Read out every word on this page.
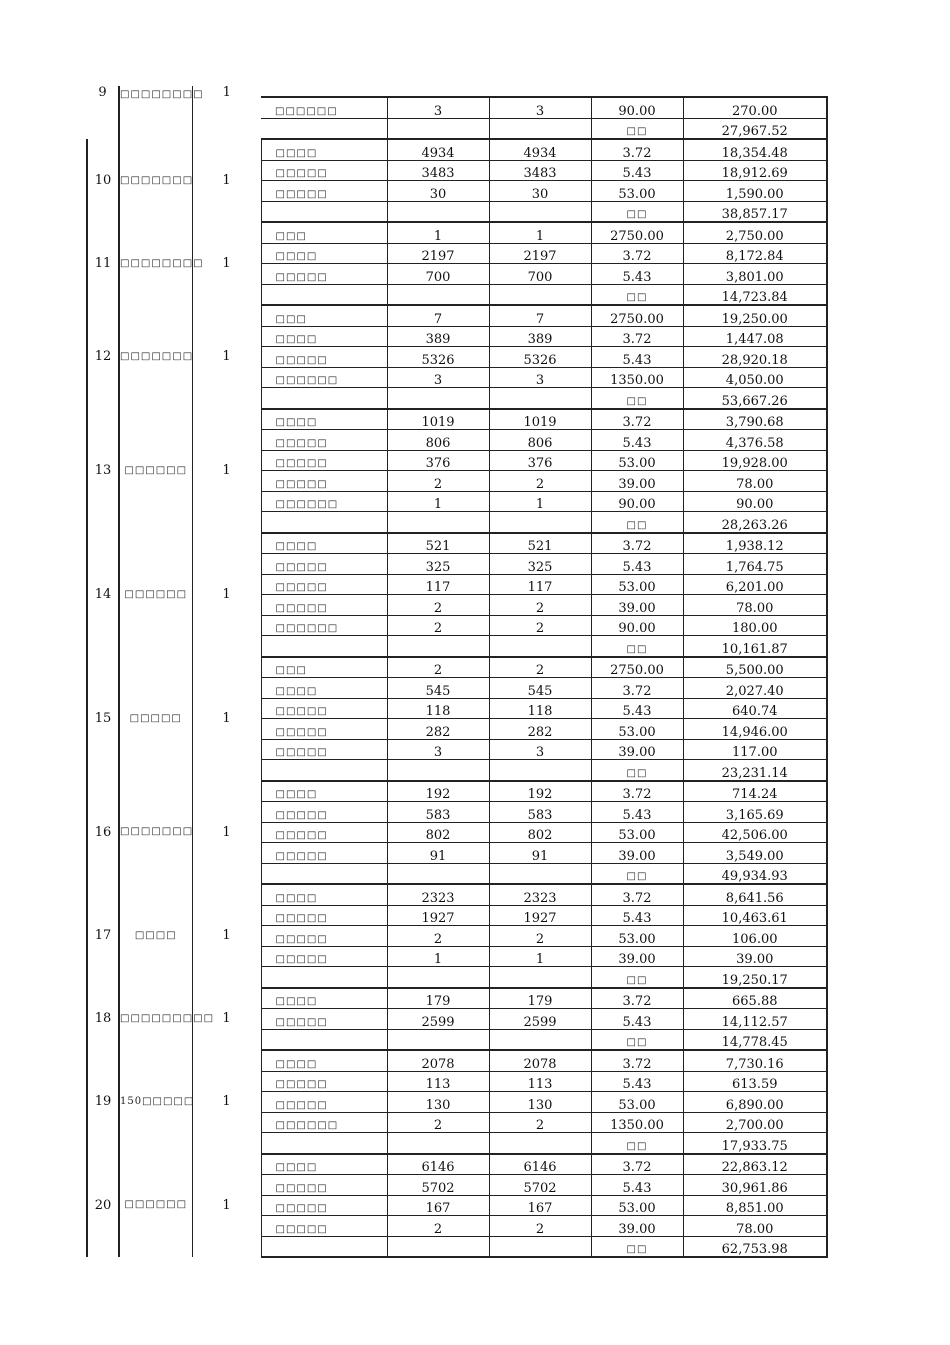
9	□□□□□□□□	1					
			□□□□□□	3	3	90.00	270.00
						□□	27,967.52
10	□□□□□□□	1	□□□□	4934	4934	3.72	18,354.48
			□□□□□	3483	3483	5.43	18,912.69
			□□□□□	30	30	53.00	1,590.00
						□□	38,857.17
11	□□□□□□□□	1	□□□	1	1	2750.00	2,750.00
			□□□□	2197	2197	3.72	8,172.84
			□□□□□	700	700	5.43	3,801.00
						□□	14,723.84
12	□□□□□□□	1	□□□	7	7	2750.00	19,250.00
			□□□□	389	389	3.72	1,447.08
			□□□□□	5326	5326	5.43	28,920.18
			□□□□□□	3	3	1350.00	4,050.00
						□□	53,667.26
13	□□□□□□	1	□□□□	1019	1019	3.72	3,790.68
			□□□□□	806	806	5.43	4,376.58
			□□□□□	376	376	53.00	19,928.00
			□□□□□	2	2	39.00	78.00
			□□□□□□	1	1	90.00	90.00
						□□	28,263.26
14	□□□□□□	1	□□□□	521	521	3.72	1,938.12
			□□□□□	325	325	5.43	1,764.75
			□□□□□	117	117	53.00	6,201.00
			□□□□□	2	2	39.00	78.00
			□□□□□□	2	2	90.00	180.00
						□□	10,161.87
15	□□□□□	1	□□□	2	2	2750.00	5,500.00
			□□□□	545	545	3.72	2,027.40
			□□□□□	118	118	5.43	640.74
			□□□□□	282	282	53.00	14,946.00
			□□□□□	3	3	39.00	117.00
						□□	23,231.14
16	□□□□□□□	1	□□□□	192	192	3.72	714.24
			□□□□□	583	583	5.43	3,165.69
			□□□□□	802	802	53.00	42,506.00
			□□□□□	91	91	39.00	3,549.00
						□□	49,934.93
17	□□□□	1	□□□□	2323	2323	3.72	8,641.56
			□□□□□	1927	1927	5.43	10,463.61
			□□□□□	2	2	53.00	106.00
			□□□□□	1	1	39.00	39.00
						□□	19,250.17
18	□□□□□□□□□	1	□□□□	179	179	3.72	665.88
			□□□□□	2599	2599	5.43	14,112.57
						□□	14,778.45
19	150□□□□□	1	□□□□	2078	2078	3.72	7,730.16
			□□□□□	113	113	5.43	613.59
			□□□□□	130	130	53.00	6,890.00
			□□□□□□	2	2	1350.00	2,700.00
						□□	17,933.75
20	□□□□□□	1	□□□□	6146	6146	3.72	22,863.12
			□□□□□	5702	5702	5.43	30,961.86
			□□□□□	167	167	53.00	8,851.00
			□□□□□	2	2	39.00	78.00
						□□	62,753.98
